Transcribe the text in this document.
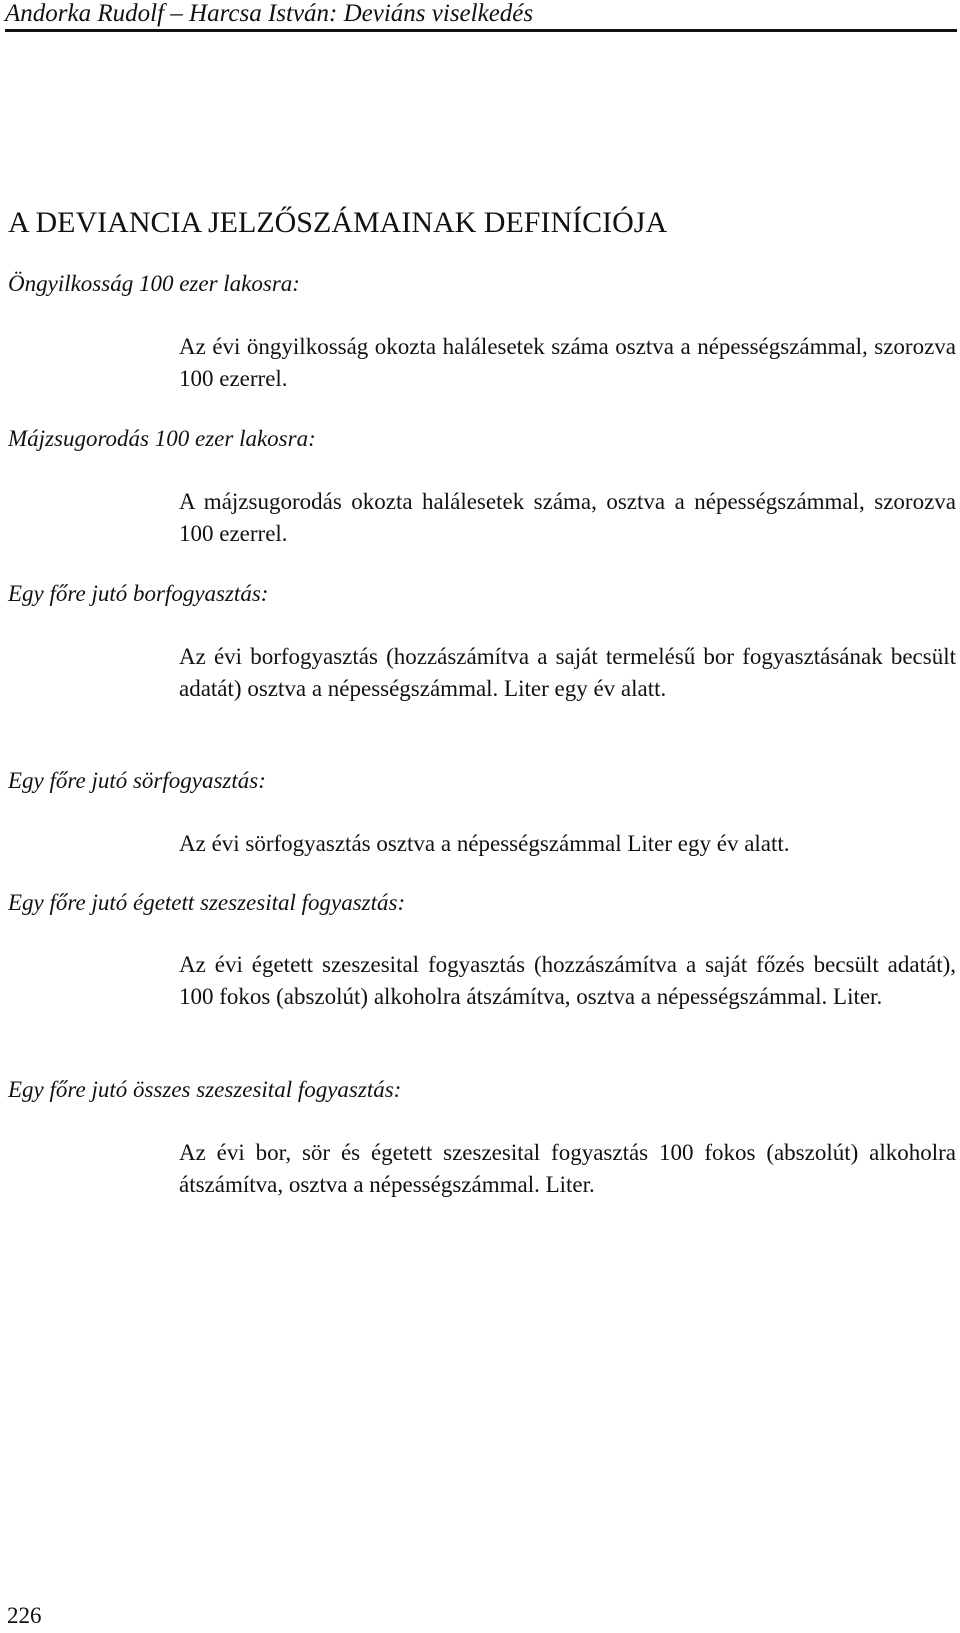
Andorka Rudolf – Harcsa István: Deviáns viselkedés
A DEVIANCIA JELZŐSZÁMAINAK DEFINÍCIÓJA
Öngyilkosság 100 ezer lakosra:

Az évi öngyilkosság okozta halálesetek száma osztva a népességszámmal, szorozva 100 ezerrel.

Májzsugorodás 100 ezer lakosra:

A májzsugorodás okozta halálesetek száma, osztva a népességszámmal, szorozva 100 ezerrel.

Egy főre jutó borfogyasztás:

Az évi borfogyasztás (hozzászámítva a saját termelésű bor fogyasztásának becsült adatát) osztva a népességszámmal. Liter egy év alatt.

Egy főre jutó sörfogyasztás:

Az évi sörfogyasztás osztva a népességszámmal Liter egy év alatt.

Egy főre jutó égetett szeszesital fogyasztás:

Az évi égetett szeszesital fogyasztás (hozzászámítva a saját főzés becsült adatát), 100 fokos (abszolút) alkoholra átszámítva, osztva a népességszámmal. Liter.

Egy főre jutó összes szeszesital fogyasztás:

Az évi bor, sör és égetett szeszesital fogyasztás 100 fokos (abszolút) alkoholra átszámítva, osztva a népességszámmal. Liter.

226
